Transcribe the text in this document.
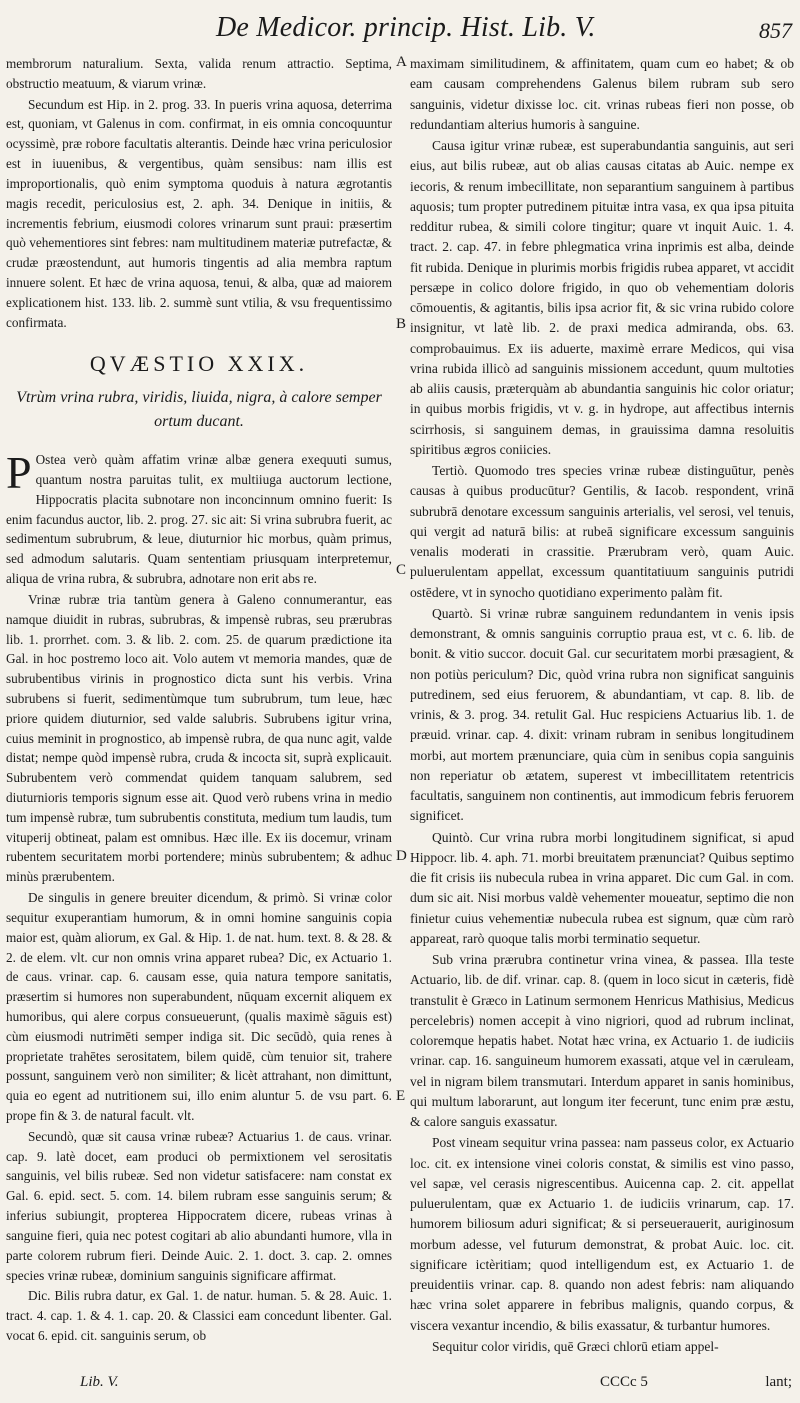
De Medicor. princip. Hist. Lib. V.	857

membrorum naturalium. Sexta, valida renum attractio. Septima, obstructio meatuum, & viarum vrinæ.

Secundum est Hip. in 2. prog. 33. In pueris vrina aquosa, deterrima est, quoniam, vt Galenus in com. confirmat, in eis omnia concoquuntur ocyssimè, præ robore facultatis alterantis. Deinde hæc vrina periculosior est in iuuenibus, & vergentibus, quàm sensibus: nam illis est improportionalis, quò enim symptoma quoduis à natura ægrotantis magis recedit, periculosius est, 2. aph. 34. Denique in initiis, & incrementis febrium, eiusmodi colores vrinarum sunt praui: præsertim quò vehementiores sint febres: nam multitudinem materiæ putrefactæ, & crudæ præostendunt, aut humoris tingentis ad alia membra raptum innuere solent. Et hæc de vrina aquosa, tenui, & alba, quæ ad maiorem explicationem hist. 133. lib. 2. summè sunt vtilia, & vsu frequentissimo confirmata.

QVÆSTIO XXIX.
Vtrùm vrina rubra, viridis, liuida, nigra, à calore semper ortum ducant.

P Ostea verò quàm affatim vrinæ albæ genera exequuti sumus, quantum nostra paruitas tulit, ex multiiuga auctorum lectione, Hippocratis placita subnotare non inconcinnum omnino fuerit: Is enim facundus auctor, lib. 2. prog. 27. sic ait: Si vrina subrubra fuerit, ac sedimentum subrubrum, & leue, diuturnior hic morbus, quàm primus, sed admodum salutaris. Quam sententiam priusquam interpretemur, aliqua de vrina rubra, & subrubra, adnotare non erit abs re.

Vrinæ rubræ tria tantùm genera à Galeno connumerantur, eas namque diuidit in rubras, subrubras, & impensè rubras, seu prærubras lib. 1. prorrhet. com. 3. & lib. 2. com. 25. de quarum prædictione ita Gal. in hoc postremo loco ait. Volo autem vt memoria mandes, quæ de subrubentibus virinis in prognostico dicta sunt his verbis. Vrina subrubens si fuerit, sedimentùmque tum subrubrum, tum leue, hæc priore quidem diuturnior, sed valde salubris. Subrubens igitur vrina, cuius meminit in prognostico, ab impensè rubra, de qua nunc agit, valde distat; nempe quòd impensè rubra, cruda & incocta sit, suprà explicauit. Subrubentem verò commendat quidem tanquam salubrem, sed diuturnioris temporis signum esse ait. Quod verò rubens vrina in medio tum impensè rubræ, tum subrubentis constituta, medium tum laudis, tum vituperij obtineat, palam est omnibus. Hæc ille. Ex iis docemur, vrinam rubentem securitatem morbi portendere; minùs subrubentem; & adhuc minùs prærubentem.

De singulis in genere breuiter dicendum, & primò. Si vrinæ color sequitur exuperantiam humorum, & in omni homine sanguinis copia maior est, quàm aliorum, ex Gal. & Hip. 1. de nat. hum. text. 8. & 28. & 2. de elem. vlt. cur non omnis vrina apparet rubea? Dic, ex Actuario 1. de caus. vrinar. cap. 6. causam esse, quia natura tempore sanitatis, præsertim si humores non superabundent, nūquam excernit aliquem ex humoribus, qui alere corpus consueuerunt, (qualis maximè sāguis est) cùm eiusmodi nutrimēti semper indiga sit. Dic secūdò, quia renes à proprietate trahētes serositatem, bilem quidē, cùm tenuior sit, trahere possunt, sanguinem verò non similiter; & licèt attrahant, non dimittunt, quia eo egent ad nutritionem sui, illo enim aluntur 5. de vsu part. 6. prope fin & 3. de natural facult. vlt.

Secundò, quæ sit causa vrinæ rubeæ? Actuarius 1. de caus. vrinar. cap. 9. latè docet, eam produci ob permixtionem vel serositatis sanguinis, vel bilis rubeæ. Sed non videtur satisfacere: nam constat ex Gal. 6. epid. sect. 5. com. 14. bilem rubram esse sanguinis serum; & inferius subiungit, propterea Hippocratem dicere, rubeas vrinas à sanguine fieri, quia nec potest cogitari ab alio abundanti humore, vlla in parte colorem rubrum fieri. Deinde Auic. 2. 1. doct. 3. cap. 2. omnes species vrinæ rubeæ, dominium sanguinis significare affirmat.

Dic. Bilis rubra datur, ex Gal. 1. de natur. human. 5. & 28. Auic. 1. tract. 4. cap. 1. & 4. 1. cap. 20. & Classici eam concedunt libenter. Gal. vocat 6. epid. cit. sanguinis serum, ob

A
B
C
D
E

maximam similitudinem, & affinitatem, quam cum eo habet; & ob eam causam comprehendens Galenus bilem rubram sub sero sanguinis, videtur dixisse loc. cit. vrinas rubeas fieri non posse, ob redundantiam alterius humoris à sanguine.

Causa igitur vrinæ rubeæ, est superabundantia sanguinis, aut seri eius, aut bilis rubeæ, aut ob alias causas citatas ab Auic. nempe ex iecoris, & renum imbecillitate, non separantium sanguinem à partibus aquosis; tum propter putredinem pituitæ intra vasa, ex qua ipsa pituita redditur rubea, & simili colore tingitur; quare vt inquit Auic. 1. 4. tract. 2. cap. 47. in febre phlegmatica vrina inprimis est alba, deinde fit rubida. Denique in plurimis morbis frigidis rubea apparet, vt accidit persæpe in colico dolore frigido, in quo ob vehementiam doloris cōmouentis, & agitantis, bilis ipsa acrior fit, & sic vrina rubido colore insignitur, vt latè lib. 2. de praxi medica admiranda, obs. 63. comprobauimus. Ex iis aduerte, maximè errare Medicos, qui visa vrina rubida illicò ad sanguinis missionem accedunt, quum multoties ab aliis causis, præterquàm ab abundantia sanguinis hic color oriatur; in quibus morbis frigidis, vt v. g. in hydrope, aut affectibus internis scirrhosis, si sanguinem demas, in grauissima damna resoluitis spiritibus ægros coniicies.

Tertiò. Quomodo tres species vrinæ rubeæ distinguūtur, penès causas à quibus producūtur? Gentilis, & Iacob. respondent, vrinā subrubrā denotare excessum sanguinis arterialis, vel serosi, vel tenuis, qui vergit ad naturā bilis: at rubeā significare excessum sanguinis venalis moderati in crassitie. Prærubram verò, quam Auic. puluerulentam appellat, excessum quantitatiuum sanguinis putridi ostēdere, vt in synocho quotidiano experimento palàm fit.

Quartò. Si vrinæ rubræ sanguinem redundantem in venis ipsis demonstrant, & omnis sanguinis corruptio praua est, vt c. 6. lib. de bonit. & vitio succor. docuit Gal. cur securitatem morbi præsagient, & non potiùs periculum? Dic, quòd vrina rubra non significat sanguinis putredinem, sed eius feruorem, & abundantiam, vt cap. 8. lib. de vrinis, & 3. prog. 34. retulit Gal. Huc respiciens Actuarius lib. 1. de præuid. vrinar. cap. 4. dixit: vrinam rubram in senibus longitudinem morbi, aut mortem prænunciare, quia cùm in senibus copia sanguinis non reperiatur ob ætatem, superest vt imbecillitatem retentricis facultatis, sanguinem non continentis, aut immodicum febris feruorem significet.

Quintò. Cur vrina rubra morbi longitudinem significat, si apud Hippocr. lib. 4. aph. 71. morbi breuitatem prænunciat? Quibus septimo die fit crisis iis nubecula rubea in vrina apparet. Dic cum Gal. in com. dum sic ait. Nisi morbus valdè vehementer moueatur, septimo die non finietur cuius vehementiæ nubecula rubea est signum, quæ cùm rarò appareat, rarò quoque talis morbi terminatio sequetur.

Sub vrina prærubra continetur vrina vinea, & passea. Illa teste Actuario, lib. de dif. vrinar. cap. 8. (quem in loco sicut in cæteris, fidè transtulit è Græco in Latinum sermonem Henricus Mathisius, Medicus percelebris) nomen accepit à vino nigriori, quod ad rubrum inclinat, coloremque hepatis habet. Notat hæc vrina, ex Actuario 1. de iudiciis vrinar. cap. 16. sanguineum humorem exassati, atque vel in cæruleam, vel in nigram bilem transmutari. Interdum apparet in sanis hominibus, qui multum laborarunt, aut longum iter fecerunt, tunc enim præ æstu, & calore sanguis exassatur.

Post vineam sequitur vrina passea: nam passeus color, ex Actuario loc. cit. ex intensione vinei coloris constat, & similis est vino passo, vel sapæ, vel cerasis nigrescentibus. Auicenna cap. 2. cit. appellat puluerulentam, quæ ex Actuario 1. de iudiciis vrinarum, cap. 17. humorem biliosum aduri significat; & si perseuerauerit, auriginosum morbum adesse, vel futurum demonstrat, & probat Auic. loc. cit. significare ictèritiam; quod intelligendum est, ex Actuario 1. de preuidentiis vrinar. cap. 8. quando non adest febris: nam aliquando hæc vrina solet apparere in febribus malignis, quando corpus, & viscera vexantur incendio, & bilis exassatur, & turbantur humores.

Sequitur color viridis, quē Græci chlorū etiam appel-

Lib. V.	CCCc 5	lant;
